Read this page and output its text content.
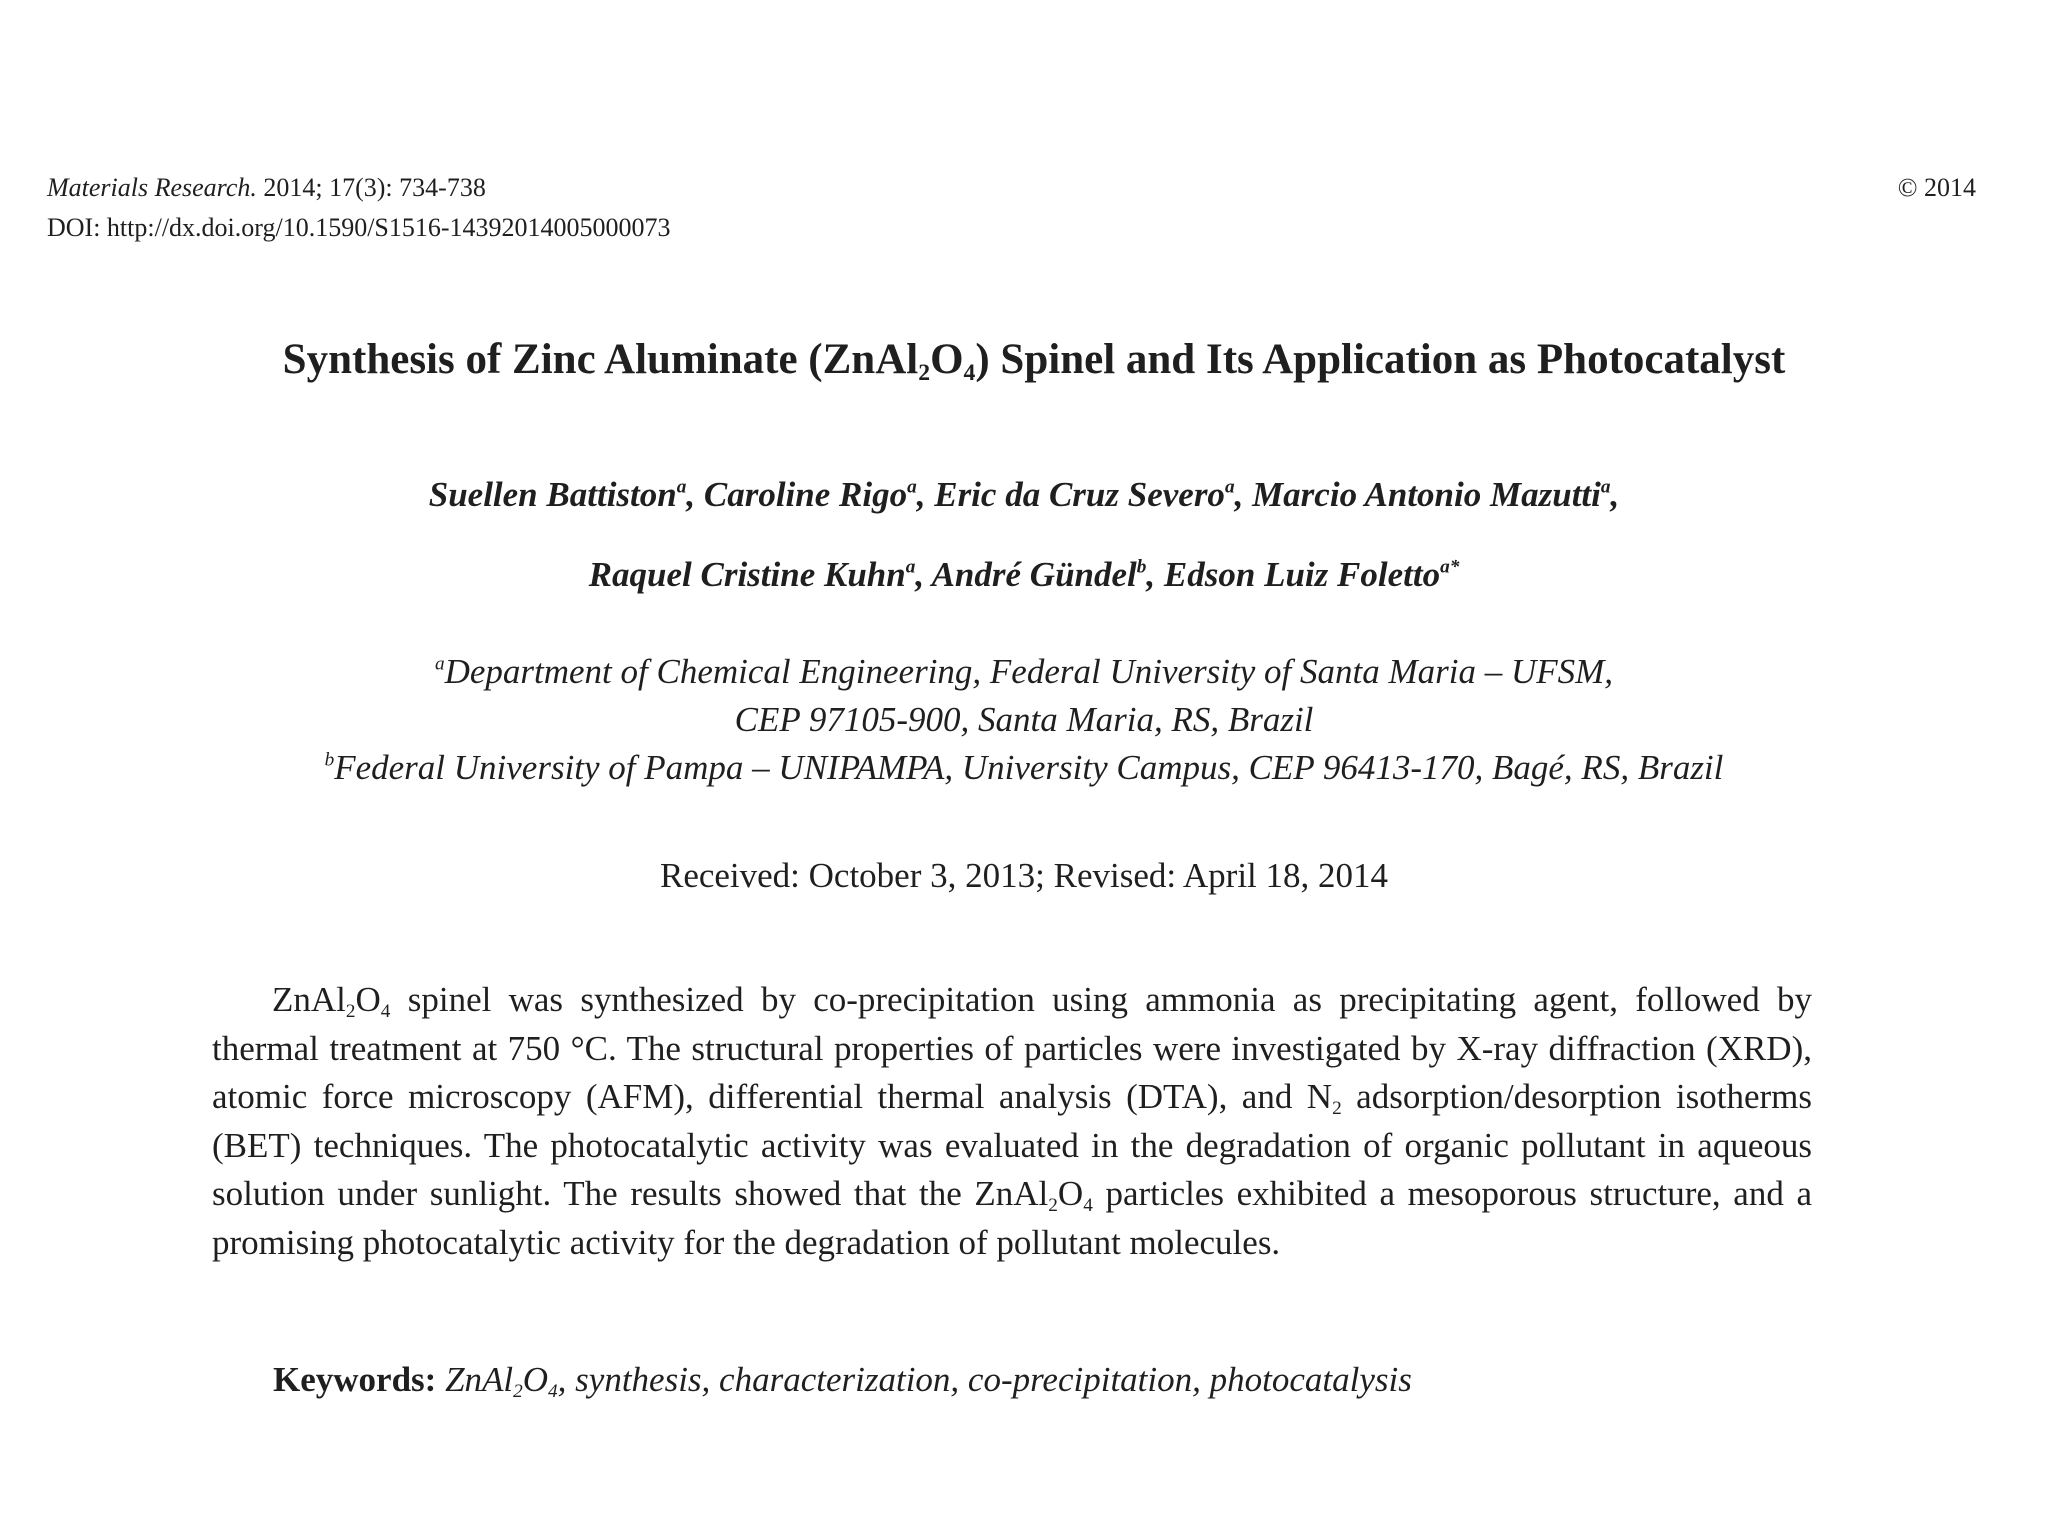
Materials Research. 2014; 17(3): 734-738
DOI: http://dx.doi.org/10.1590/S1516-14392014005000073
© 2014
Synthesis of Zinc Aluminate $(ZnAl_2O_4)$ Spinel and Its Application as Photocatalyst
Suellen Battiston$^a$, Caroline Rigo$^a$, Eric da Cruz Severo$^a$, Marcio Antonio Mazutti$^a$,
Raquel Cristine Kuhn$^a$, André Gündel$^b$, Edson Luiz Foletto$^{a*}$
$^a$Department of Chemical Engineering, Federal University of Santa Maria – UFSM,
CEP 97105-900, Santa Maria, RS, Brazil
$^b$Federal University of Pampa – UNIPAMPA, University Campus, CEP 96413-170, Bagé, RS, Brazil
Received: October 3, 2013; Revised: April 18, 2014
$ZnAl_2O_4$ spinel was synthesized by co-precipitation using ammonia as precipitating agent, followed by thermal treatment at 750 °C. The structural properties of particles were investigated by X-ray diffraction (XRD), atomic force microscopy (AFM), differential thermal analysis (DTA), and $N_2$ adsorption/desorption isotherms (BET) techniques. The photocatalytic activity was evaluated in the degradation of organic pollutant in aqueous solution under sunlight. The results showed that the $ZnAl_2O_4$ particles exhibited a mesoporous structure, and a promising photocatalytic activity for the degradation of pollutant molecules.
Keywords: $ZnAl_2O_4$, synthesis, characterization, co-precipitation, photocatalysis
